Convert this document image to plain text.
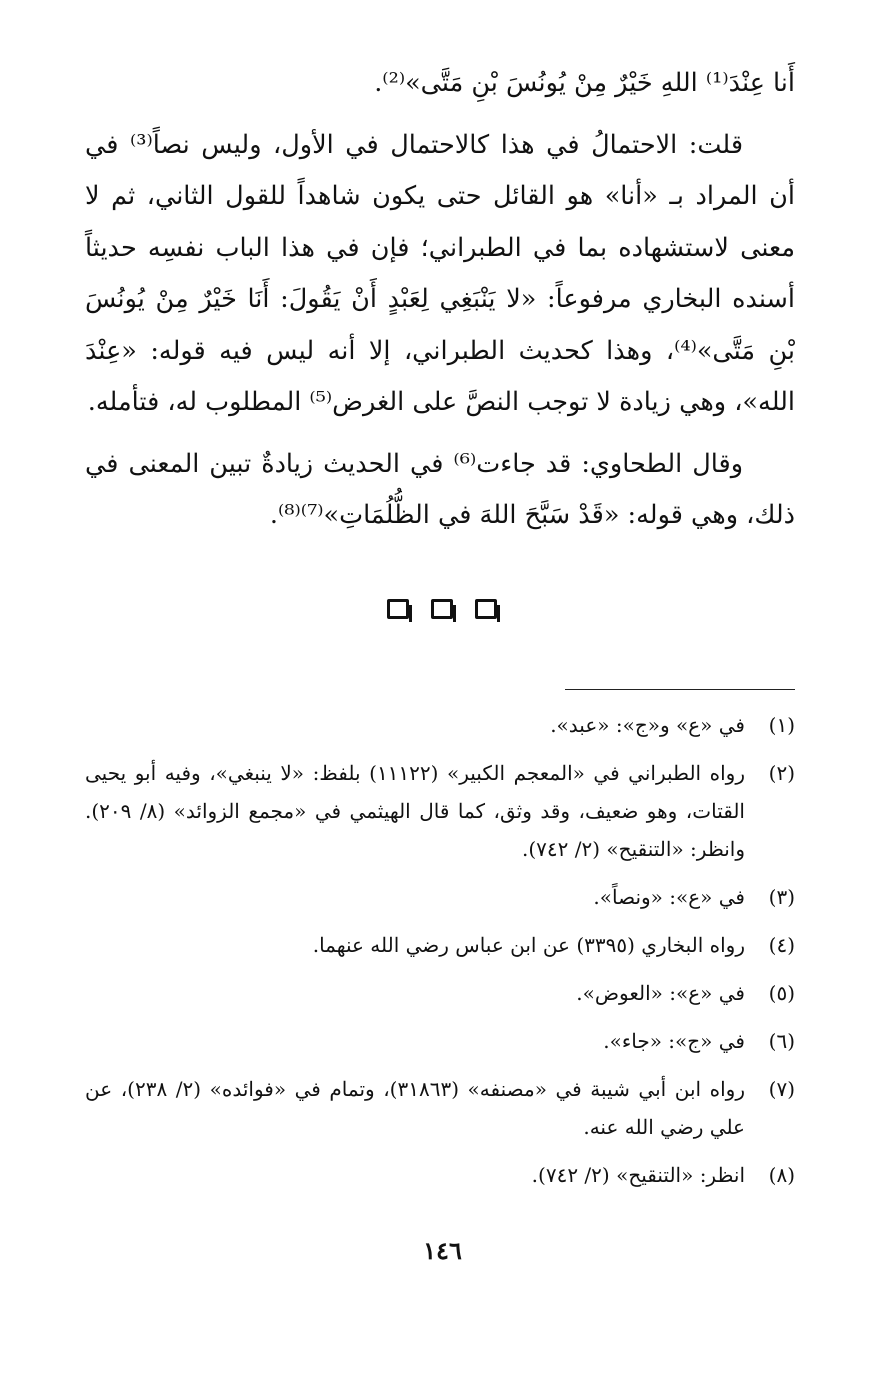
أَنا عِنْدَ⁽¹⁾ اللهِ خَيْرٌ مِنْ يُونُسَ بْنِ مَتَّى»⁽²⁾.

قلت: الاحتمالُ في هذا كالاحتمال في الأول، وليس نصاً⁽³⁾ في أن المراد بـ «أنا» هو القائل حتى يكون شاهداً للقول الثاني، ثم لا معنى لاستشهاده بما في الطبراني؛ فإن في هذا الباب نفسِه حديثاً أسنده البخاري مرفوعاً: «لا يَنْبَغِي لِعَبْدٍ أَنْ يَقُولَ: أَنَا خَيْرٌ مِنْ يُونُسَ بْنِ مَتَّى»⁽⁴⁾، وهذا كحديث الطبراني، إلا أنه ليس فيه قوله: «عِنْدَ الله»، وهي زيادة لا توجب النصَّ على الغرض⁽⁵⁾ المطلوب له، فتأمله.

وقال الطحاوي: قد جاءت⁽⁶⁾ في الحديث زيادةٌ تبين المعنى في ذلك، وهي قوله: «قَدْ سَبَّحَ اللهَ في الظُّلُمَاتِ»⁽⁷⁾⁽⁸⁾.

(١)
في «ع» و«ج»: «عبد».
(٢)
رواه الطبراني في «المعجم الكبير» (١١١٢٢) بلفظ: «لا ينبغي»، وفيه أبو يحيى القتات، وهو ضعيف، وقد وثق، كما قال الهيثمي في «مجمع الزوائد» (٨/ ٢٠٩). وانظر: «التنقيح» (٢/ ٧٤٢).
(٣)
في «ع»: «ونصاً».
(٤)
رواه البخاري (٣٣٩٥) عن ابن عباس رضي الله عنهما.
(٥)
في «ع»: «العوض».
(٦)
في «ج»: «جاء».
(٧)
رواه ابن أبي شيبة في «مصنفه» (٣١٨٦٣)، وتمام في «فوائده» (٢/ ٢٣٨)، عن علي رضي الله عنه.
(٨)
انظر: «التنقيح» (٢/ ٧٤٢).
١٤٦
